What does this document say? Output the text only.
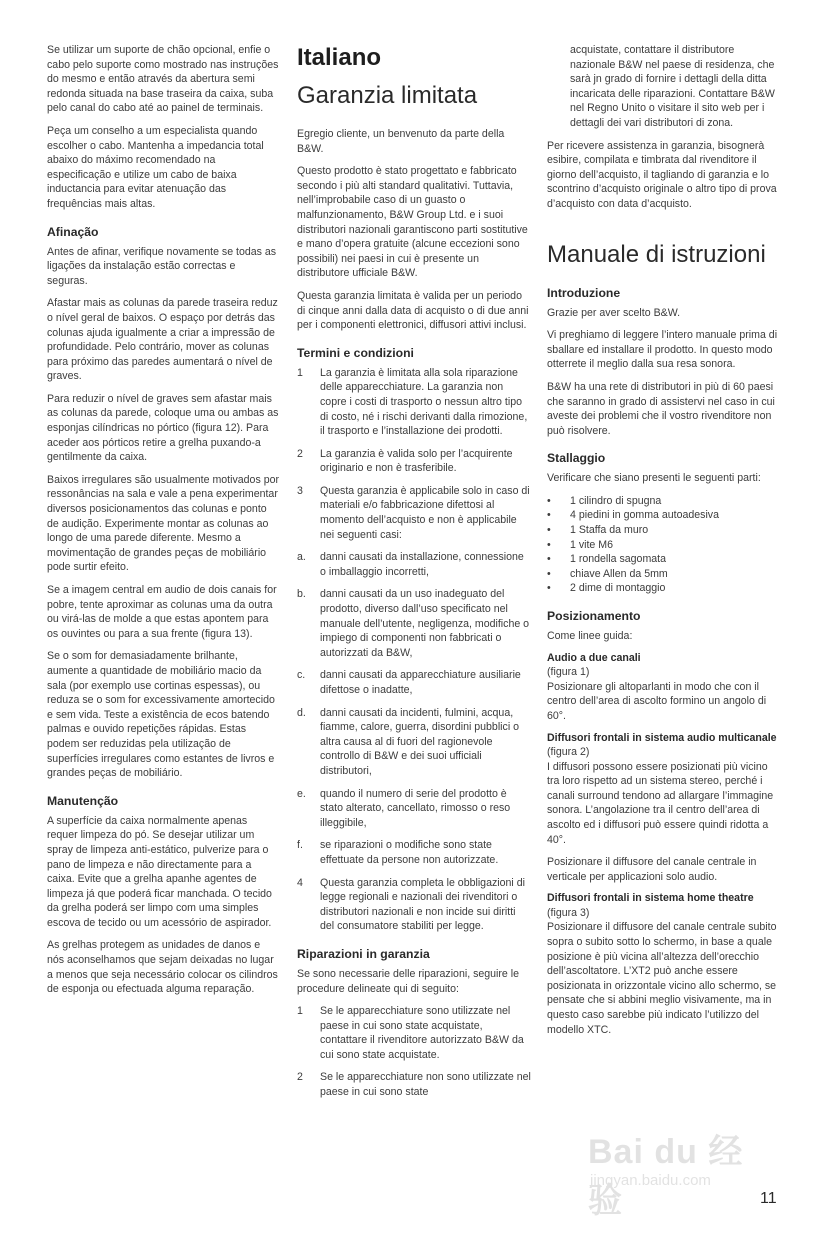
Se utilizar um suporte de chão opcional, enfie o cabo pelo suporte como mostrado nas instruções do mesmo e então através da abertura semi redonda situada na base traseira da caixa, suba pelo canal do cabo até ao painel de terminais.

Peça um conselho a um especialista quando escolher o cabo. Mantenha a impedancia total abaixo do máximo recomendado na especificação e utilize um cabo de baixa inductancia para evitar atenuação das frequências mais altas.

Afinação

Antes de afinar, verifique novamente se todas as ligações da instalação estão correctas e seguras.

Afastar mais as colunas da parede traseira reduz o nível geral de baixos. O espaço por detrás das colunas ajuda igualmente a criar a impressão de profundidade. Pelo contrário, mover as colunas para próximo das paredes aumentará o nível de graves.

Para reduzir o nível de graves sem afastar mais as colunas da parede, coloque uma ou ambas as esponjas cilíndricas no pórtico (figura 12). Para aceder aos pórticos retire a grelha puxando-a gentilmente da caixa.

Baixos irregulares são usualmente motivados por ressonâncias na sala e vale a pena experimentar diversos posicionamentos das colunas e ponto de audição. Experimente montar as colunas ao longo de uma parede diferente. Mesmo a movimentação de grandes peças de mobiliário pode surtir efeito.

Se a imagem central em audio de dois canais for pobre, tente aproximar as colunas uma da outra ou virá-las de molde a que estas apontem para os ouvintes ou para a sua frente (figura 13).

Se o som for demasiadamente brilhante, aumente a quantidade de mobiliário macio da sala (por exemplo use cortinas espessas), ou reduza se o som for excessivamente amortecido e sem vida. Teste a existência de ecos batendo palmas e ouvido repetições rápidas. Estas podem ser reduzidas pela utilização de superfícies irregulares como estantes de livros e grandes peças de mobiliário.

Manutenção

A superfície da caixa normalmente apenas requer limpeza do pó. Se desejar utilizar um spray de limpeza anti-estático, pulverize para o pano de limpeza e não directamente para a caixa. Evite que a grelha apanhe agentes de limpeza já que poderá ficar manchada. O tecido da grelha poderá ser limpo com uma simples escova de tecido ou um acessório de aspirador.

As grelhas protegem as unidades de danos e nós aconselhamos que sejam deixadas no lugar a menos que seja necessário colocar os cilindros de esponja ou efectuada alguma reparação.

Italiano
Garanzia limitata

Egregio cliente, un benvenuto da parte della B&W.

Questo prodotto è stato progettato e fabbricato secondo i più alti standard qualitativi. Tuttavia, nell’improbabile caso di un guasto o malfunzionamento, B&W Group Ltd. e i suoi distributori nazionali garantiscono parti sostitutive e mano d’opera gratuite (alcune eccezioni sono possibili) nei paesi in cui è presente un distributore ufficiale B&W.

Questa garanzia limitata è valida per un periodo di cinque anni dalla data di acquisto o di due anni per i componenti elettronici, diffusori attivi inclusi.

Termini e condizioni
1	La garanzia è limitata alla sola riparazione delle apparecchiature. La garanzia non copre i costi di trasporto o nessun altro tipo di costo, né i rischi derivanti dalla rimozione, il trasporto e l’installazione dei prodotti.
2	La garanzia è valida solo per l’acquirente originario e non è trasferibile.
3	Questa garanzia è applicabile solo in caso di materiali e/o fabbricazione difettosi al momento dell’acquisto e non è applicabile nei seguenti casi:
a.	danni causati da installazione, connessione o imballaggio incorretti,
b.	danni causati da un uso inadeguato del prodotto, diverso dall’uso specificato nel manuale dell’utente, negligenza, modifiche o impiego di componenti non fabbricati o autorizzati da B&W,
c.	danni causati da apparecchiature ausiliarie difettose o inadatte,
d.	danni causati da incidenti, fulmini, acqua, fiamme, calore, guerra, disordini pubblici o altra causa al di fuori del ragionevole controllo di B&W e dei suoi ufficiali distributori,
e.	quando il numero di serie del prodotto è stato alterato, cancellato, rimosso o reso illeggibile,
f.	se riparazioni o modifiche sono state effettuate da persone non autorizzate.
4	Questa garanzia completa le obbligazioni di legge regionali e nazionali dei rivenditori o distributori nazionali e non incide sui diritti del consumatore stabiliti per legge.
Riparazioni in garanzia

Se sono necessarie delle riparazioni, seguire le procedure delineate qui di seguito:

1	Se le apparecchiature sono utilizzate nel paese in cui sono state acquistate, contattare il rivenditore autorizzato B&W da cui sono state acquistate.
2	Se le apparecchiature non sono utilizzate nel paese in cui sono state

acquistate, contattare il distributore nazionale B&W nel paese di residenza, che sarà jn grado di fornire i dettagli della ditta incaricata delle riparazioni. Contattare B&W nel Regno Unito o visitare il sito web per i dettagli dei vari distributori di zona.

Per ricevere assistenza in garanzia, bisognerà esibire, compilata e timbrata dal rivenditore il giorno dell’acquisto, il tagliando di garanzia e lo scontrino d’acquisto originale o altro tipo di prova d’acquisto con data d’acquisto.

Manuale di istruzioni
Introduzione

Grazie per aver scelto B&W.

Vi preghiamo di leggere l’intero manuale prima di sballare ed installare il prodotto. In questo modo otterrete il meglio dalla sua resa sonora.

B&W ha una rete di distributori in più di 60 paesi che saranno in grado di assistervi nel caso in cui aveste dei problemi che il vostro rivenditore non può risolvere.

Stallaggio

Verificare che siano presenti le seguenti parti:

•	1 cilindro di spugna
•	4 piedini in gomma autoadesiva
•	1 Staffa da muro
•	1 vite M6
•	1 rondella sagomata
•	chiave Allen da 5mm
•	2 dime di montaggio
Posizionamento

Come linee guida:

Audio a due canali

(figura 1)

Posizionare gli altoparlanti in modo che con il centro dell’area di ascolto formino un angolo di 60°.

Diffusori frontali in sistema audio multicanale

(figura 2)

I diffusori possono essere posizionati più vicino tra loro rispetto ad un sistema stereo, perché i canali surround tendono ad allargare l’immagine sonora. L’angolazione tra il centro dell’area di ascolto ed i diffusori può essere quindi ridotta a 40°.

Posizionare il diffusore del canale centrale in verticale per applicazioni solo audio.

Diffusori frontali in sistema home theatre

(figura 3)

Posizionare il diffusore del canale centrale subito sopra o subito sotto lo schermo, in base a quale posizione è più vicina all’altezza dell’orecchio dell’ascoltatore. L’XT2 può anche essere posizionata in orizzontale vicino allo schermo, se pensate che si abbini meglio visivamente, ma in questo caso sarebbe più indicato l’utilizzo del modello XTC.

Bai du 经验
jingyan.baidu.com
11
